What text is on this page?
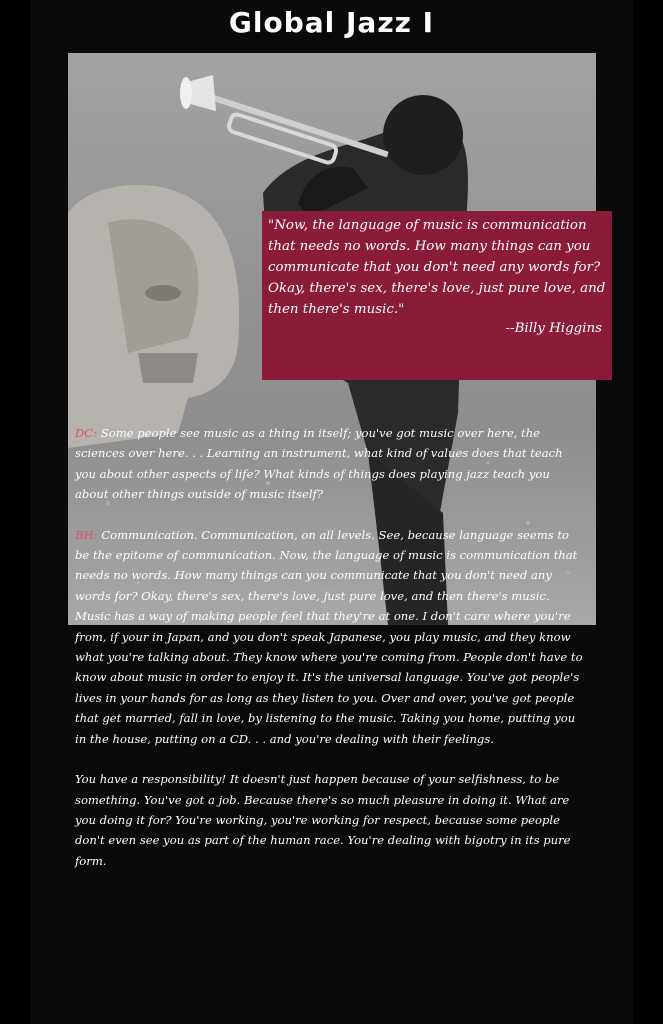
Global Jazz I
"Now, the language of music is communication that needs no words. How many things can you communicate that you don't need any words for? Okay, there's sex, there's love, just pure love, and then there's music."
--Billy Higgins

DC: Some people see music as a thing in itself; you've got music over here, the sciences over here. . . Learning an instrument, what kind of values does that teach you about other aspects of life? What kinds of things does playing jazz teach you about other things outside of music itself?

BH: Communication. Communication, on all levels. See, because language seems to be the epitome of communication. Now, the language of music is communication that needs no words. How many things can you communicate that you don't need any words for? Okay, there's sex, there's love, just pure love, and then there's music. Music has a way of making people feel that they're at one. I don't care where you're from, if your in Japan, and you don't speak Japanese, you play music, and they know what you're talking about. They know where you're coming from. People don't have to know about music in order to enjoy it. It's the universal language. You've got people's lives in your hands for as long as they listen to you. Over and over, you've got people that get married, fall in love, by listening to the music. Taking you home, putting you in the house, putting on a CD. . . and you're dealing with their feelings.

You have a responsibility! It doesn't just happen because of your selfishness, to be something. You've got a job. Because there's so much pleasure in doing it. What are you doing it for? You're working, you're working for respect, because some people don't even see you as part of the human race. You're dealing with bigotry in its pure form.
